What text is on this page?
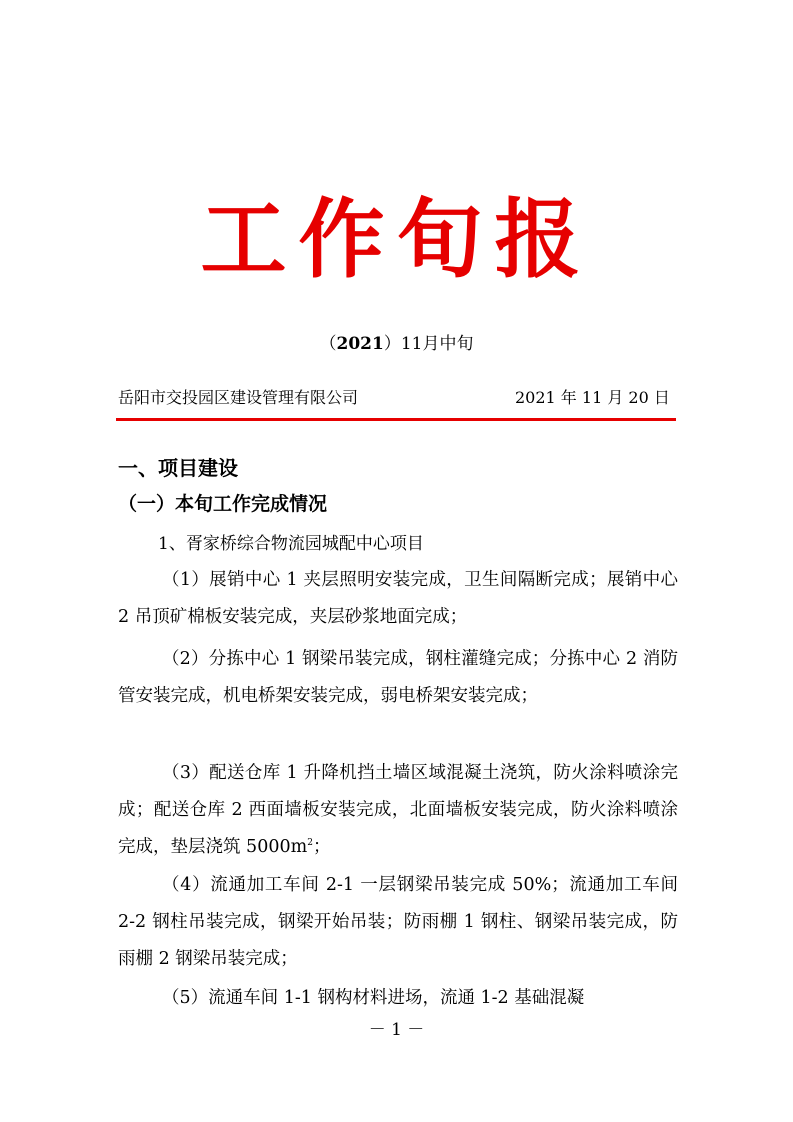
工作旬报
（2021）11月中旬
岳阳市交投园区建设管理有限公司	2021 年 11 月 20 日
一、项目建设
（一）本旬工作完成情况
1、胥家桥综合物流园城配中心项目

（1）展销中心 1 夹层照明安装完成，卫生间隔断完成；展销中心 2 吊顶矿棉板安装完成，夹层砂浆地面完成；

（2）分拣中心 1 钢梁吊装完成，钢柱灌缝完成；分拣中心 2 消防管安装完成，机电桥架安装完成，弱电桥架安装完成；

（3）配送仓库 1 升降机挡土墙区域混凝土浇筑，防火涂料喷涂完成；配送仓库 2 西面墙板安装完成，北面墙板安装完成，防火涂料喷涂完成，垫层浇筑 $5000m^2$；

（4）流通加工车间 2-1 一层钢梁吊装完成 50%；流通加工车间 2-2 钢柱吊装完成，钢梁开始吊装；防雨棚 1 钢柱、钢梁吊装完成，防雨棚 2 钢梁吊装完成；

（5）流通车间 1-1 钢构材料进场，流通 1-2 基础混凝

－ 1 －
